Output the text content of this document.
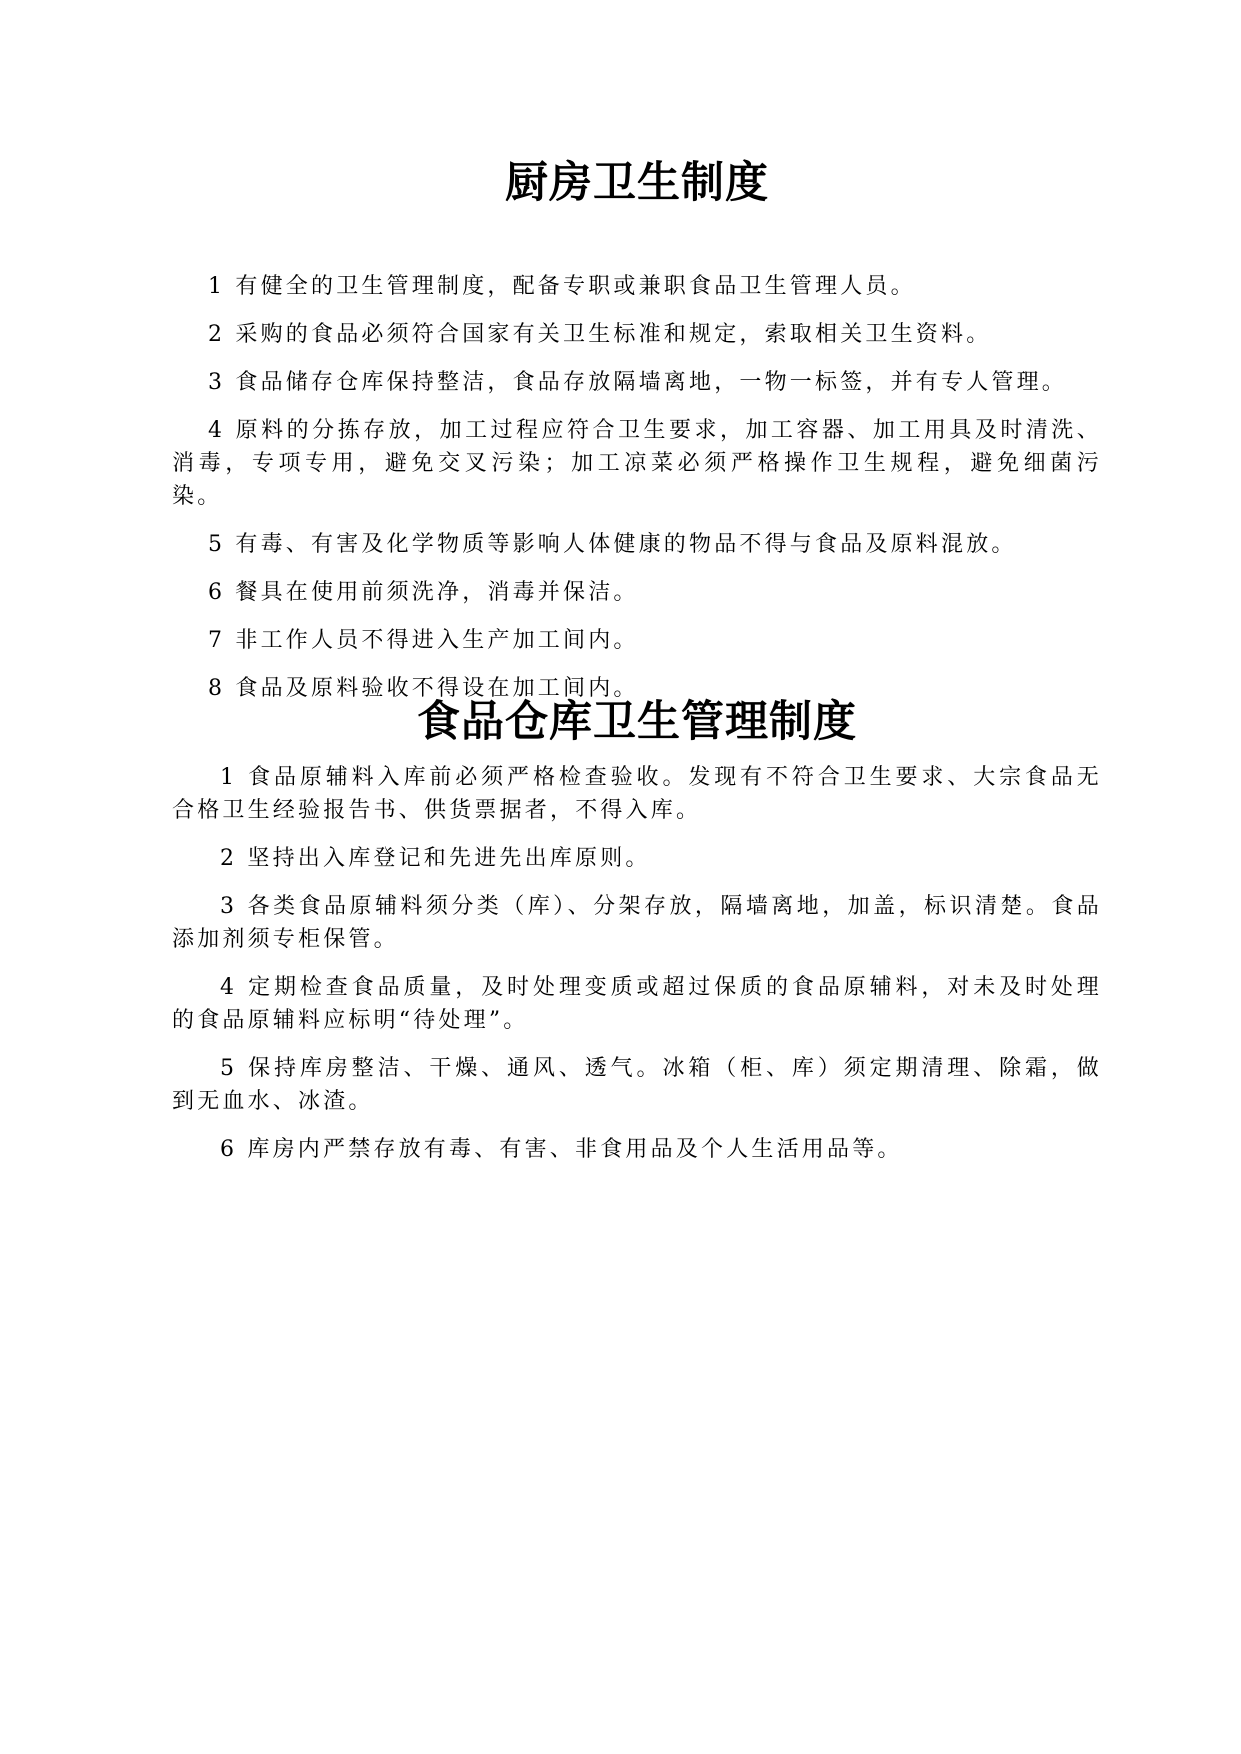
厨房卫生制度

1 有健全的卫生管理制度，配备专职或兼职食品卫生管理人员。

2 采购的食品必须符合国家有关卫生标准和规定，索取相关卫生资料。

3 食品储存仓库保持整洁，食品存放隔墙离地，一物一标签，并有专人管理。

4 原料的分拣存放，加工过程应符合卫生要求，加工容器、加工用具及时清洗、消毒，专项专用，避免交叉污染；加工凉菜必须严格操作卫生规程，避免细菌污染。

5 有毒、有害及化学物质等影响人体健康的物品不得与食品及原料混放。

6 餐具在使用前须洗净，消毒并保洁。

7 非工作人员不得进入生产加工间内。

8 食品及原料验收不得设在加工间内。

食品仓库卫生管理制度

1 食品原辅料入库前必须严格检查验收。发现有不符合卫生要求、大宗食品无合格卫生经验报告书、供货票据者，不得入库。

2 坚持出入库登记和先进先出库原则。

3 各类食品原辅料须分类（库）、分架存放，隔墙离地，加盖，标识清楚。食品添加剂须专柜保管。

4 定期检查食品质量，及时处理变质或超过保质的食品原辅料，对未及时处理的食品原辅料应标明“待处理”。

5 保持库房整洁、干燥、通风、透气。冰箱（柜、库）须定期清理、除霜，做到无血水、冰渣。

6 库房内严禁存放有毒、有害、非食用品及个人生活用品等。
